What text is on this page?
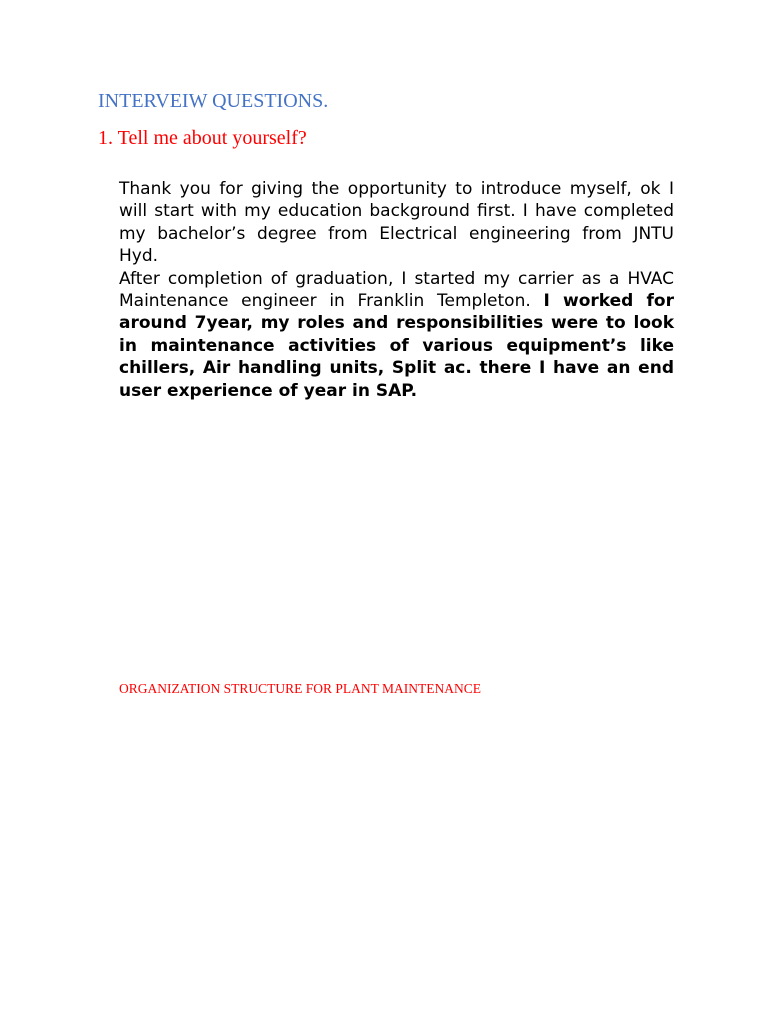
INTERVEIW QUESTIONS.
1. Tell me about yourself?

Thank you for giving the opportunity to introduce myself, ok I will start with my education background first. I have completed my bachelor’s degree from Electrical engineering from JNTU Hyd.

After completion of graduation, I started my carrier as a HVAC Maintenance engineer in Franklin Templeton. I worked for around 7year, my roles and responsibilities were to look in maintenance activities of various equipment’s like chillers, Air handling units, Split ac. there I have an end user experience of year in SAP.

ORGANIZATION STRUCTURE FOR PLANT MAINTENANCE
